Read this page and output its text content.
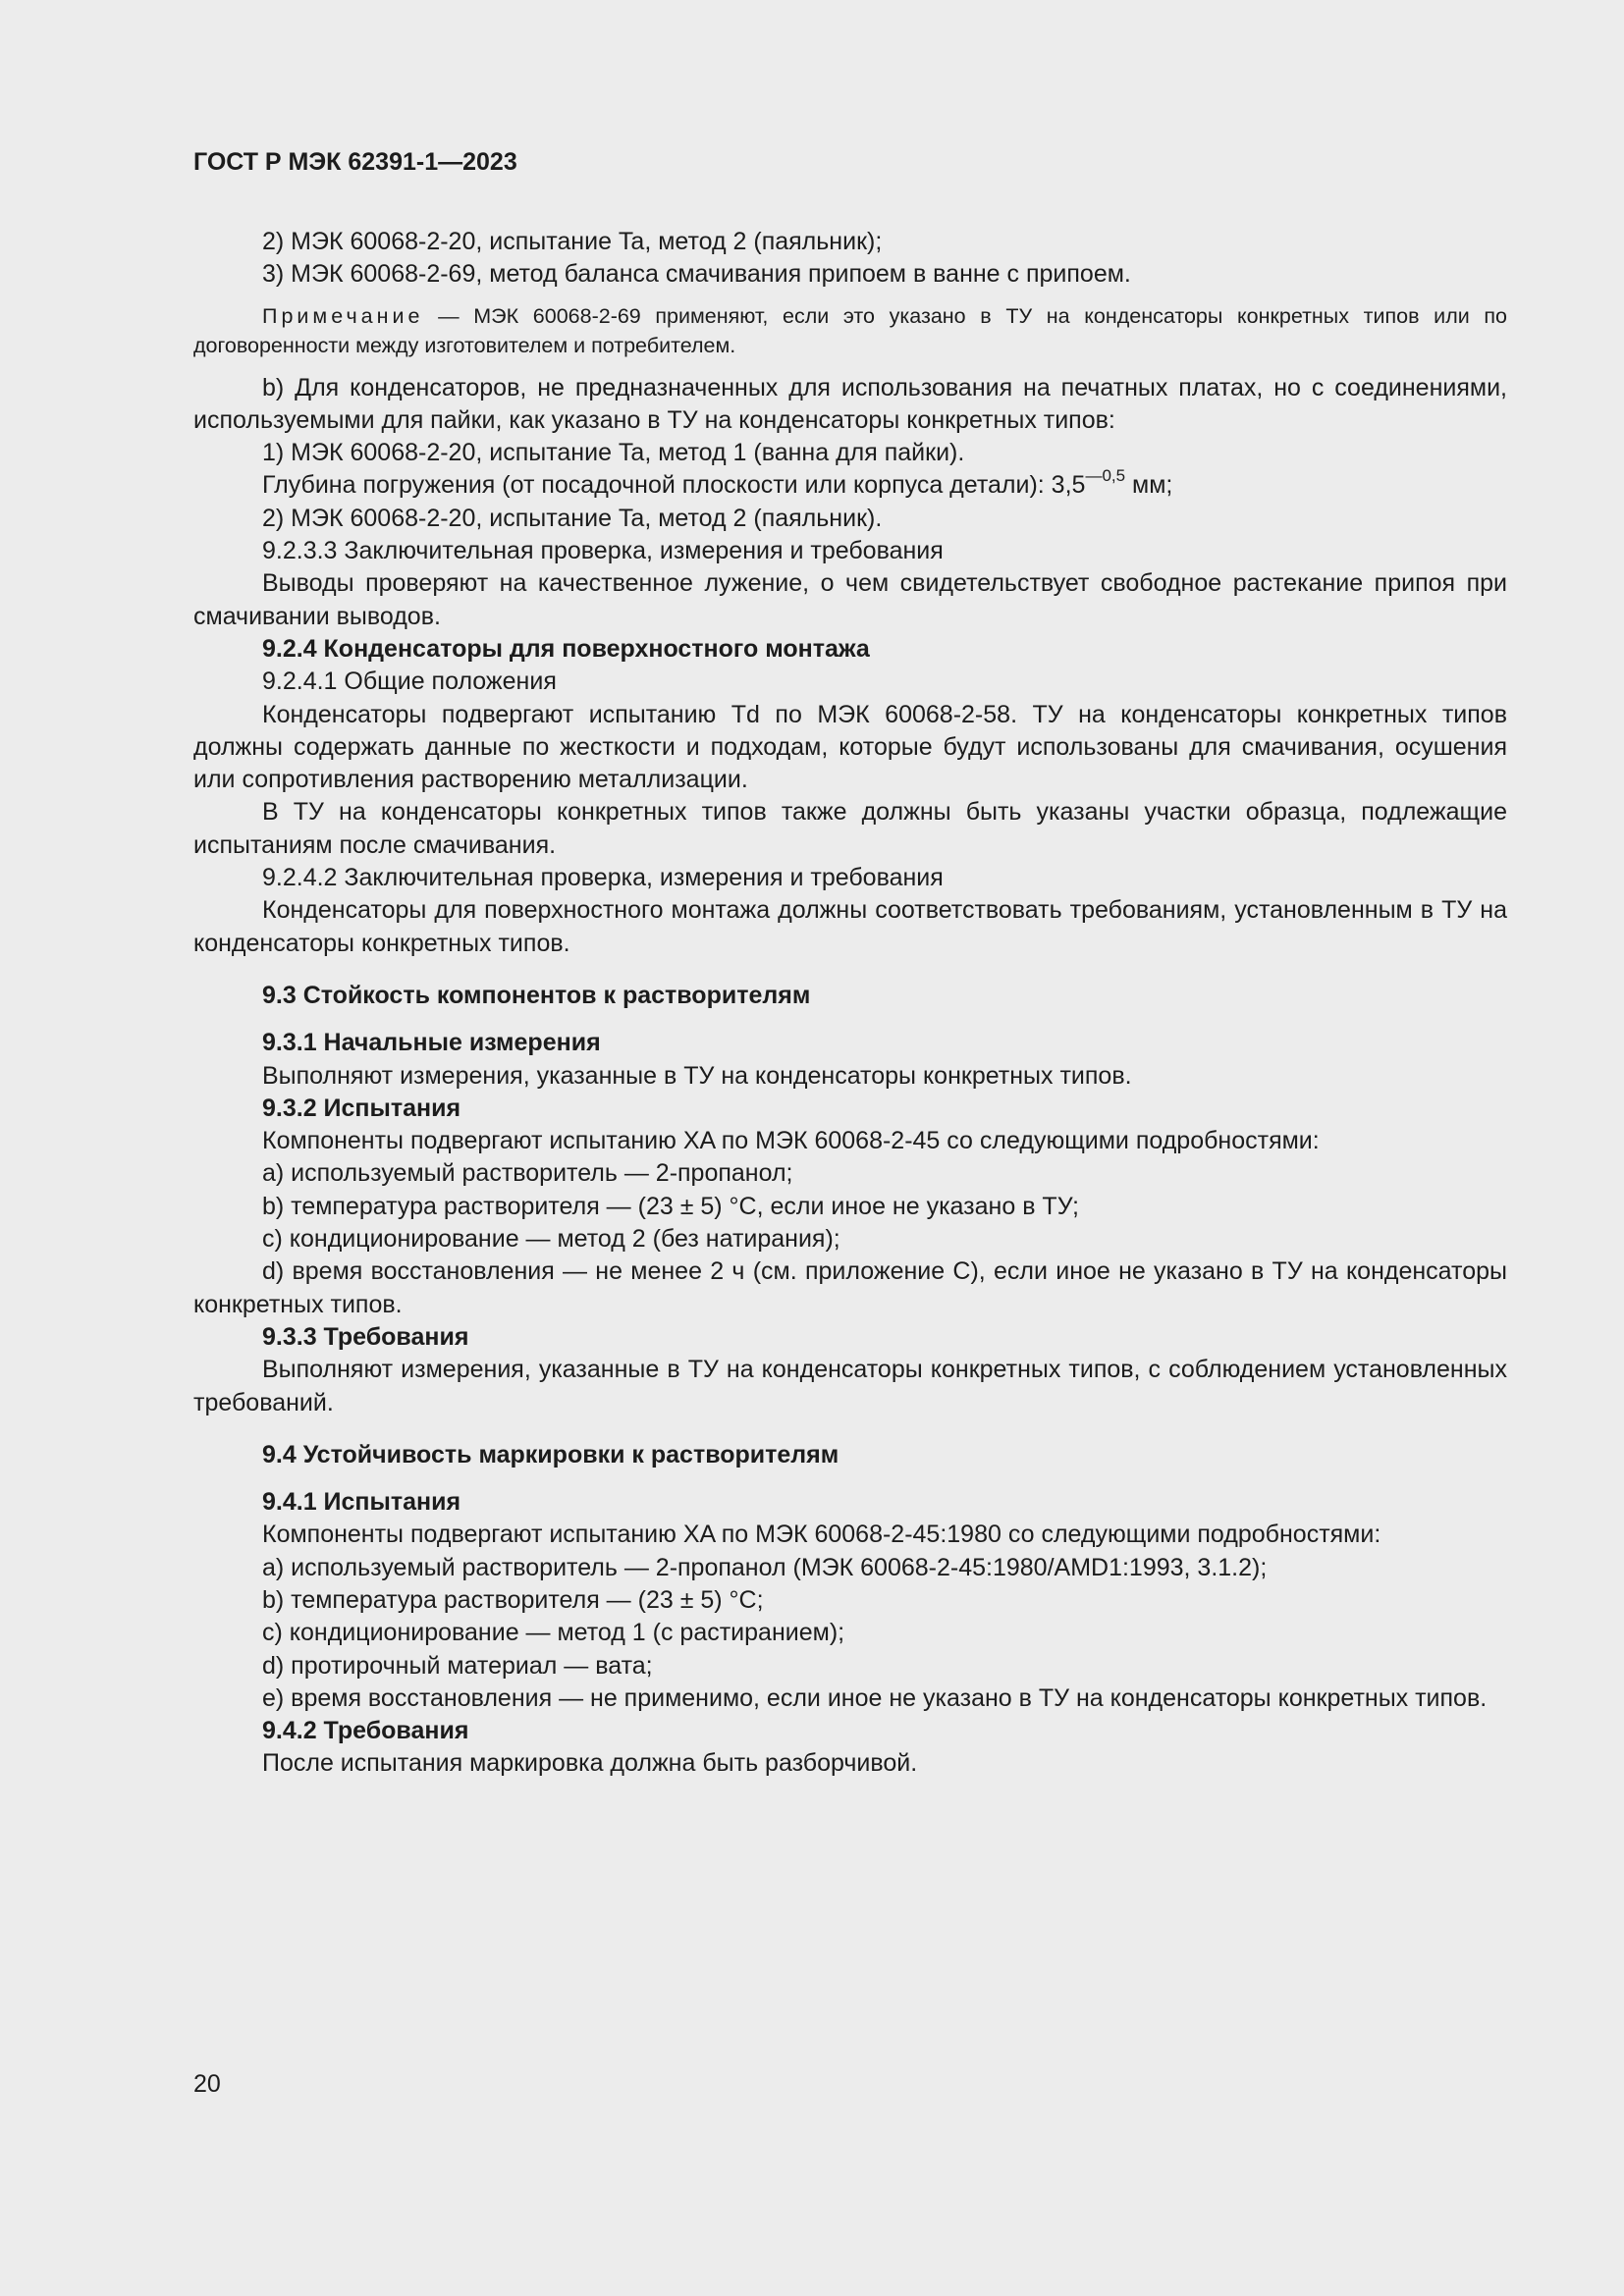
ГОСТ Р МЭК 62391-1—2023

2) МЭК 60068-2-20, испытание Ta, метод 2 (паяльник);

3) МЭК 60068-2-69, метод баланса смачивания припоем в ванне с припоем.

Примечание — МЭК 60068-2-69 применяют, если это указано в ТУ на конденсаторы конкретных типов или по договоренности между изготовителем и потребителем.

b) Для конденсаторов, не предназначенных для использования на печатных платах, но с соединениями, используемыми для пайки, как указано в ТУ на конденсаторы конкретных типов:

1) МЭК 60068-2-20, испытание Ta, метод 1 (ванна для пайки).

Глубина погружения (от посадочной плоскости или корпуса детали): $3,5^{—0,5}$ мм;

2) МЭК 60068-2-20, испытание Ta, метод 2 (паяльник).

9.2.3.3 Заключительная проверка, измерения и требования

Выводы проверяют на качественное лужение, о чем свидетельствует свободное растекание припоя при смачивании выводов.

9.2.4 Конденсаторы для поверхностного монтажа

9.2.4.1 Общие положения

Конденсаторы подвергают испытанию Td по МЭК 60068-2-58. ТУ на конденсаторы конкретных типов должны содержать данные по жесткости и подходам, которые будут использованы для смачивания, осушения или сопротивления растворению металлизации.

В ТУ на конденсаторы конкретных типов также должны быть указаны участки образца, подлежащие испытаниям после смачивания.

9.2.4.2 Заключительная проверка, измерения и требования

Конденсаторы для поверхностного монтажа должны соответствовать требованиям, установленным в ТУ на конденсаторы конкретных типов.

9.3 Стойкость компонентов к растворителям

9.3.1 Начальные измерения

Выполняют измерения, указанные в ТУ на конденсаторы конкретных типов.

9.3.2 Испытания

Компоненты подвергают испытанию XA по МЭК 60068-2-45 со следующими подробностями:

a) используемый растворитель — 2-пропанол;

b) температура растворителя — (23 ± 5) °C, если иное не указано в ТУ;

c) кондиционирование — метод 2 (без натирания);

d) время восстановления — не менее 2 ч (см. приложение C), если иное не указано в ТУ на конденсаторы конкретных типов.

9.3.3 Требования

Выполняют измерения, указанные в ТУ на конденсаторы конкретных типов, с соблюдением установленных требований.

9.4 Устойчивость маркировки к растворителям

9.4.1 Испытания

Компоненты подвергают испытанию XA по МЭК 60068-2-45:1980 со следующими подробностями:

a) используемый растворитель — 2-пропанол (МЭК 60068-2-45:1980/AMD1:1993, 3.1.2);

b) температура растворителя — (23 ± 5) °C;

c) кондиционирование — метод 1 (с растиранием);

d) протирочный материал — вата;

e) время восстановления — не применимо, если иное не указано в ТУ на конденсаторы конкретных типов.

9.4.2 Требования

После испытания маркировка должна быть разборчивой.

20
